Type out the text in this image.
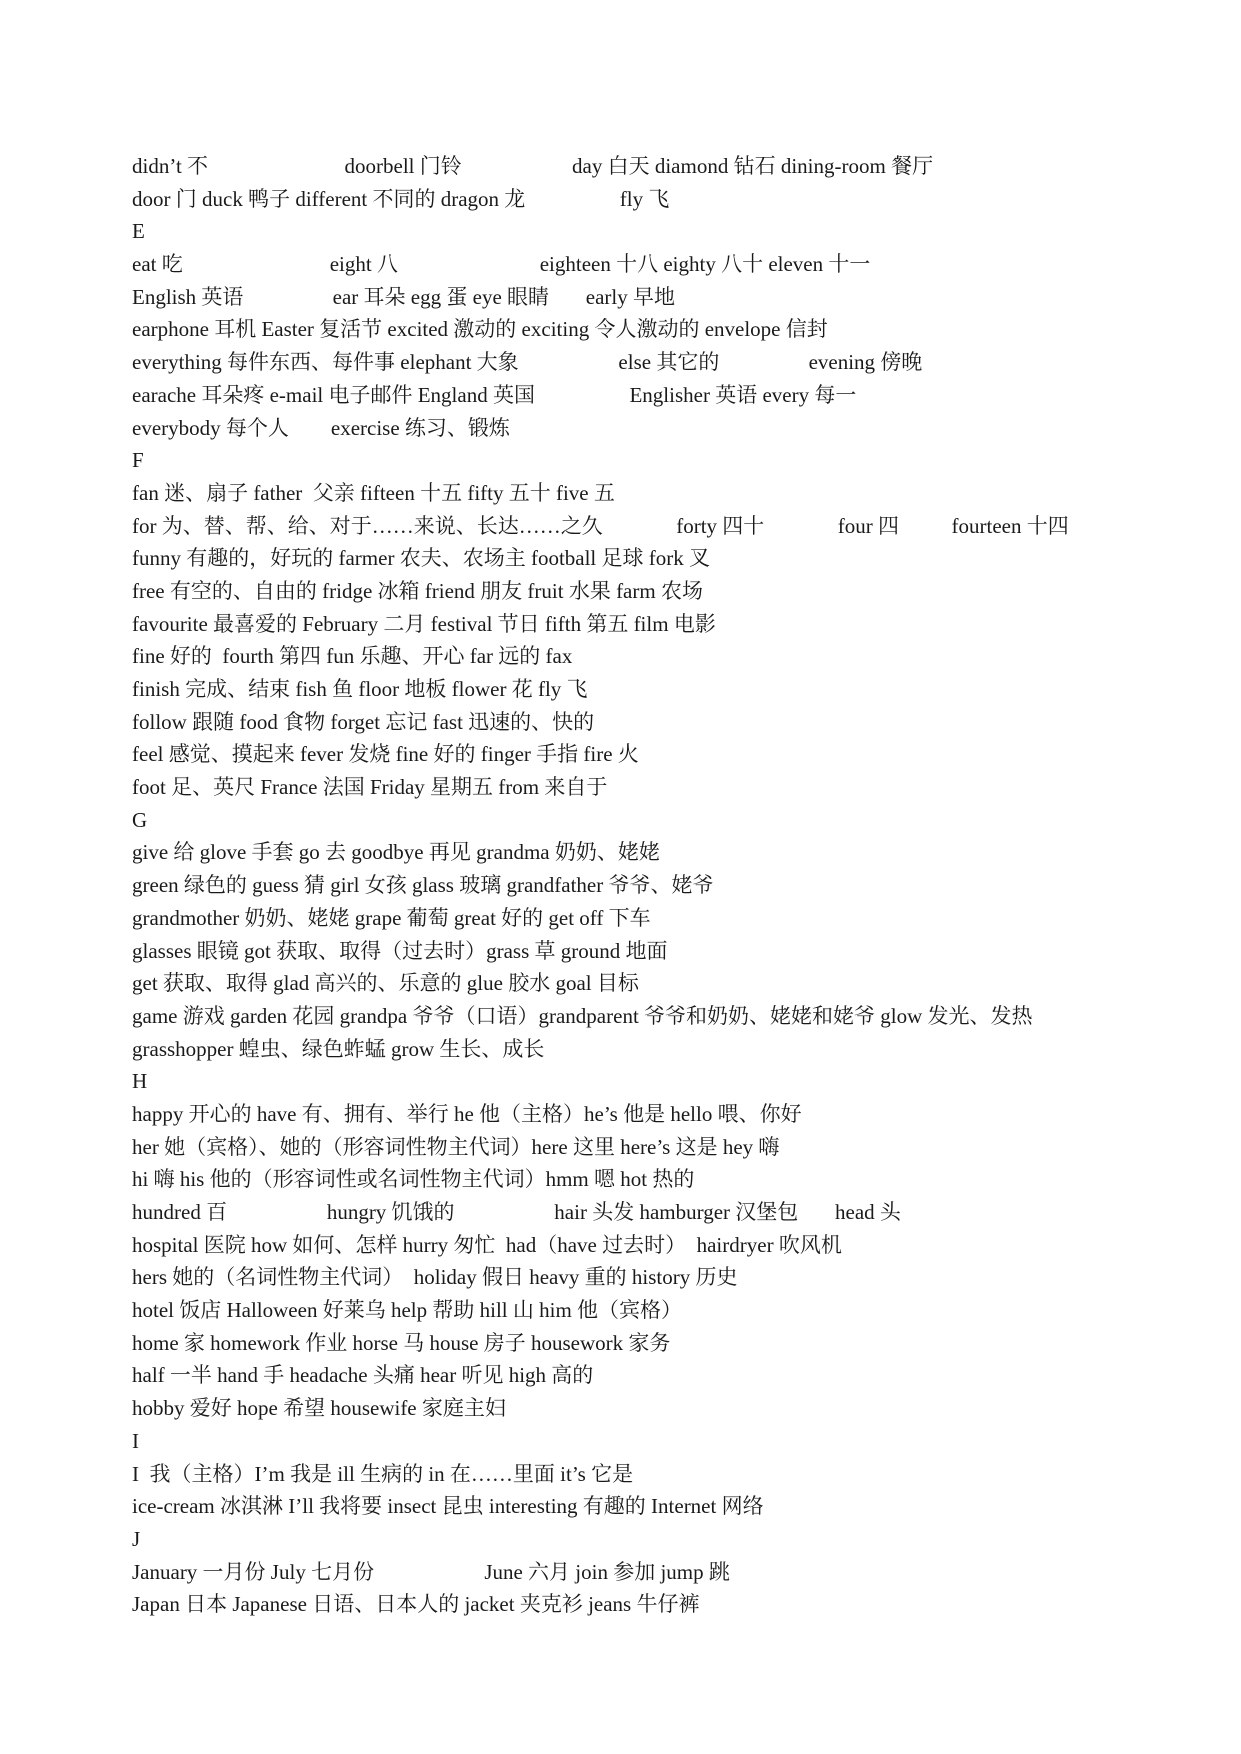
didn’t 不                          doorbell 门铃                     day 白天 diamond 钻石 dining-room 餐厅
door 门 duck 鸭子 different 不同的 dragon 龙                  fly 飞
E
eat 吃                            eight 八                           eighteen 十八 eighty 八十 eleven 十一
English 英语                 ear 耳朵 egg 蛋 eye 眼睛       early 早地
earphone 耳机 Easter 复活节 excited 激动的 exciting 令人激动的 envelope 信封
everything 每件东西、每件事 elephant 大象                   else 其它的                 evening 傍晚
earache 耳朵疼 e-mail 电子邮件 England 英国                  Englisher 英语 every 每一
everybody 每个人        exercise 练习、锻炼
F
fan 迷、扇子 father  父亲 fifteen 十五 fifty 五十 five 五
for 为、替、帮、给、对于……来说、长达……之久              forty 四十              four 四          fourteen 十四
funny 有趣的，好玩的 farmer 农夫、农场主 football 足球 fork 叉
free 有空的、自由的 fridge 冰箱 friend 朋友 fruit 水果 farm 农场
favourite 最喜爱的 February 二月 festival 节日 fifth 第五 film 电影
fine 好的  fourth 第四 fun 乐趣、开心 far 远的 fax
finish 完成、结束 fish 鱼 floor 地板 flower 花 fly 飞
follow 跟随 food 食物 forget 忘记 fast 迅速的、快的
feel 感觉、摸起来 fever 发烧 fine 好的 finger 手指 fire 火
foot 足、英尺 France 法国 Friday 星期五 from 来自于
G
give 给 glove 手套 go 去 goodbye 再见 grandma 奶奶、姥姥
green 绿色的 guess 猜 girl 女孩 glass 玻璃 grandfather 爷爷、姥爷
grandmother 奶奶、姥姥 grape 葡萄 great 好的 get off 下车
glasses 眼镜 got 获取、取得（过去时）grass 草 ground 地面
get 获取、取得 glad 高兴的、乐意的 glue 胶水 goal 目标
game 游戏 garden 花园 grandpa 爷爷（口语）grandparent 爷爷和奶奶、姥姥和姥爷 glow 发光、发热
grasshopper 蝗虫、绿色蚱蜢 grow 生长、成长
H
happy 开心的 have 有、拥有、举行 he 他（主格）he’s 他是 hello 喂、你好
her 她（宾格）、她的（形容词性物主代词）here 这里 here’s 这是 hey 嗨
hi 嗨 his 他的（形容词性或名词性物主代词）hmm 嗯 hot 热的
hundred 百                   hungry 饥饿的                   hair 头发 hamburger 汉堡包       head 头
hospital 医院 how 如何、怎样 hurry 匆忙  had（have 过去时）  hairdryer 吹风机
hers 她的（名词性物主代词）  holiday 假日 heavy 重的 history 历史
hotel 饭店 Halloween 好莱乌 help 帮助 hill 山 him 他（宾格）
home 家 homework 作业 horse 马 house 房子 housework 家务
half 一半 hand 手 headache 头痛 hear 听见 high 高的
hobby 爱好 hope 希望 housewife 家庭主妇
I
I  我（主格）I’m 我是 ill 生病的 in 在……里面 it’s 它是
ice-cream 冰淇淋 I’ll 我将要 insect 昆虫 interesting 有趣的 Internet 网络
J
January 一月份 July 七月份                     June 六月 join 参加 jump 跳
Japan 日本 Japanese 日语、日本人的 jacket 夹克衫 jeans 牛仔裤
